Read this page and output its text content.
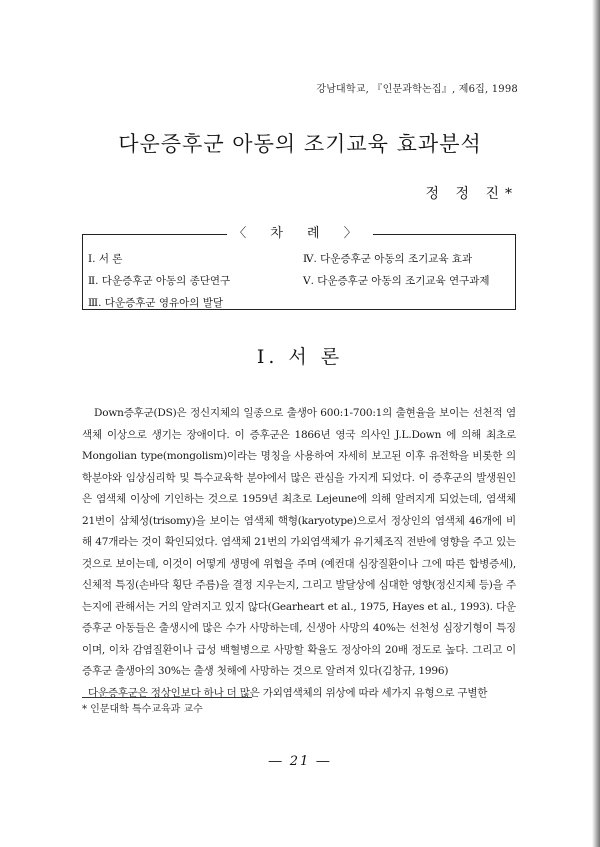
강남대학교, 『인문과학논집』, 제6집, 1998
다운증후군 아동의 조기교육 효과분석
정 정 진*
〈 차 례 〉
Ⅰ. 서 론
Ⅱ. 다운증후군 아동의 종단연구
Ⅲ. 다운증후군 영유아의 발달
Ⅳ. 다운증후군 아동의 조기교육 효과
Ⅴ. 다운증후군 아동의 조기교육 연구과제
Ⅰ. 서 론

Down증후군(DS)은 정신지체의 일종으로 출생아 600:1-700:1의 출현율을 보이는 선천적 염색체 이상으로 생기는 장애이다. 이 증후군은 1866년 영국 의사인 J.L.Down 에 의해 최초로 Mongolian type(mongolism)이라는 명칭을 사용하여 자세히 보고된 이후 유전학을 비롯한 의학분야와 임상심리학 및 특수교육학 분야에서 많은 관심을 가지게 되었다. 이 증후군의 발생원인은 염색체 이상에 기인하는 것으로 1959년 최초로 Lejeune에 의해 알려지게 되었는데, 염색체 21번이 삼체성(trisomy)을 보이는 염색체 핵형(karyotype)으로서 정상인의 염색체 46개에 비해 47개라는 것이 확인되었다. 염색체 21번의 가외염색체가 유기체조직 전반에 영향을 주고 있는 것으로 보이는데, 이것이 어떻게 생명에 위협을 주며 (예컨대 심장질환이나 그에 따른 합병증세), 신체적 특징(손바닥 횡단 주름)을 결정 지우는지, 그리고 발달상에 심대한 영향(정신지체 등)을 주는지에 관해서는 거의 알려지고 있지 않다(Gearheart et al., 1975, Hayes et al., 1993). 다운증후군 아동들은 출생시에 많은 수가 사망하는데, 신생아 사망의 40%는 선천성 심장기형이 특징이며, 이차 감염질환이나 급성 백혈병으로 사망할 확율도 정상아의 20배 정도로 높다. 그리고 이 증후군 출생아의 30%는 출생 첫해에 사망하는 것으로 알려져 있다(김창규, 1996)

다운증후군은 정상인보다 하나 더 많은 가외염색체의 위상에 따라 세가지 유형으로 구별한

* 인문대학 특수교육과 교수
― 21 ―
